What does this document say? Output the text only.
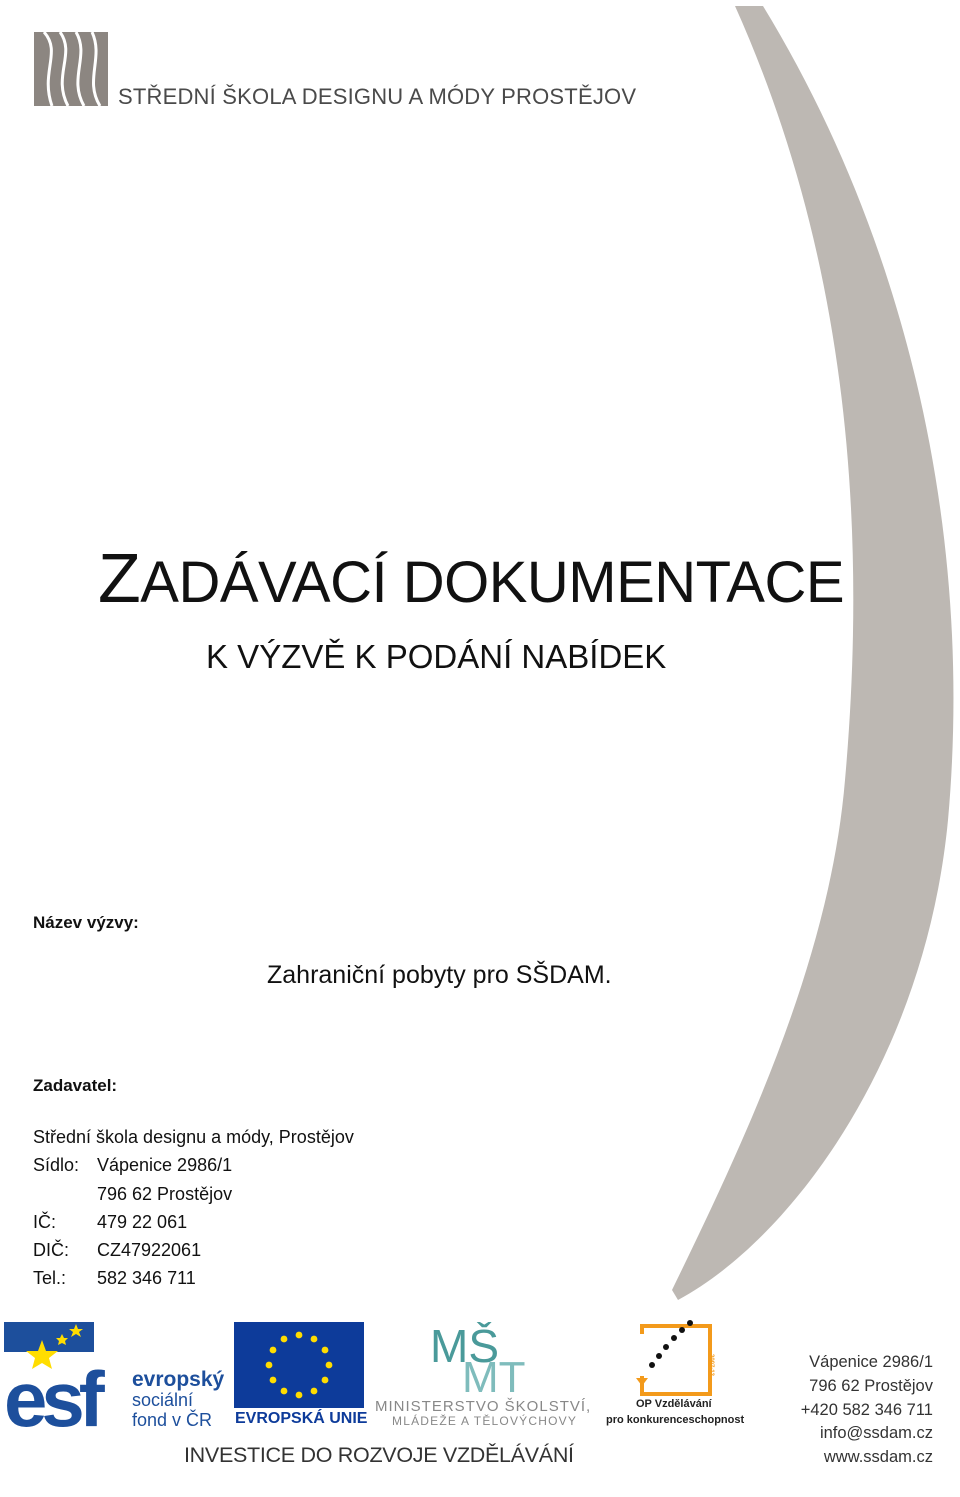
STŘEDNÍ ŠKOLA DESIGNU A MÓDY PROSTĚJOV
ZADÁVACÍ DOKUMENTACE
K VÝZVĚ K PODÁNÍ NABÍDEK
Název výzvy:
Zahraniční pobyty pro SŠDAM.
Zadavatel:
Střední škola designu a módy, Prostějov
Sídlo: Vápenice 2986/1
796 62 Prostějov
IČ:	479 22 061
DIČ:	CZ47922061
Tel.:	582 346 711
esf	evropský
sociální
fond v ČR EVROPSKÁ UNIE
MŠ
MT
MINISTERSTVO ŠKOLSTVÍ,
MLÁDEŽE A TĚLOVÝCHOVY
OP Vzdělávání
pro konkurenceschopnost
2007-13
INVESTICE DO ROZVOJE VZDĚLÁVÁNÍ
Vápenice 2986/1
796 62 Prostějov
+420 582 346 711
info@ssdam.cz
www.ssdam.cz
